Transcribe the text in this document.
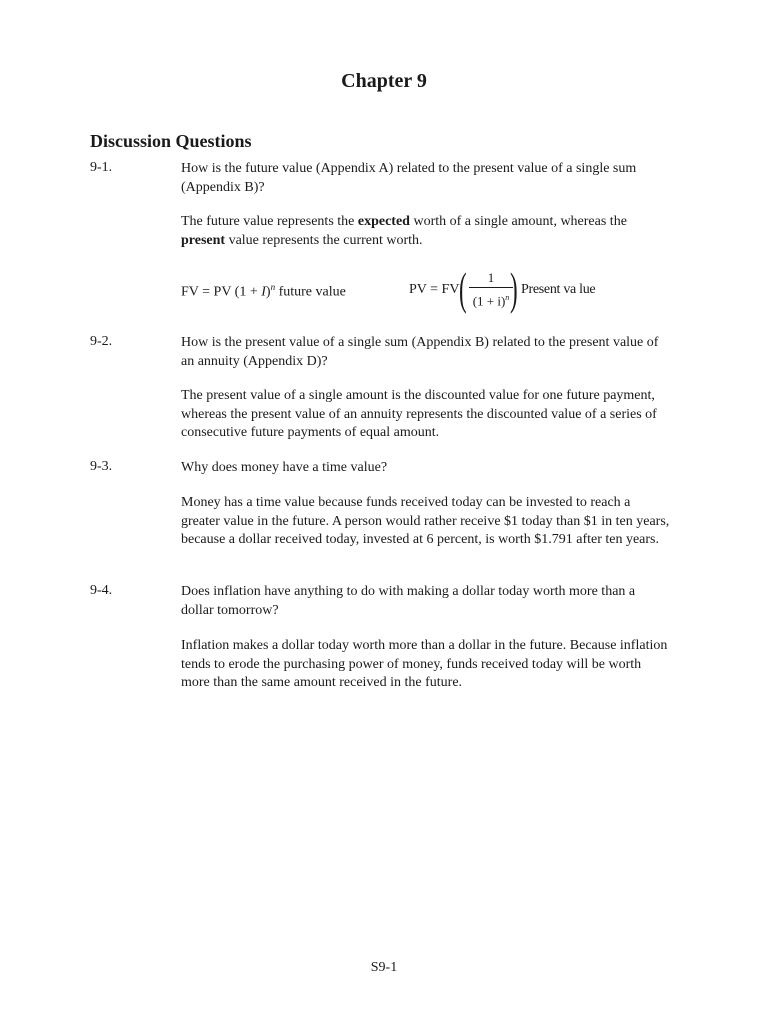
Chapter 9
Discussion Questions
9-1.	How is the future value (Appendix A) related to the present value of a single sum (Appendix B)?
The future value represents the expected worth of a single amount, whereas the present value represents the current worth.
FV = PV $(1 + I)^n$ future value	PV = FV (	1
$(1 + i)^n$ ) Present va lue
9-2.	How is the present value of a single sum (Appendix B) related to the present value of an annuity (Appendix D)?
The present value of a single amount is the discounted value for one future payment, whereas the present value of an annuity represents the discounted value of a series of consecutive future payments of equal amount.
9-3.	Why does money have a time value?
Money has a time value because funds received today can be invested to reach a greater value in the future. A person would rather receive $1 today than $1 in ten years, because a dollar received today, invested at 6 percent, is worth $1.791 after ten years.
9-4.	Does inflation have anything to do with making a dollar today worth more than a dollar tomorrow?
Inflation makes a dollar today worth more than a dollar in the future. Because inflation tends to erode the purchasing power of money, funds received today will be worth more than the same amount received in the future.
S9-1
